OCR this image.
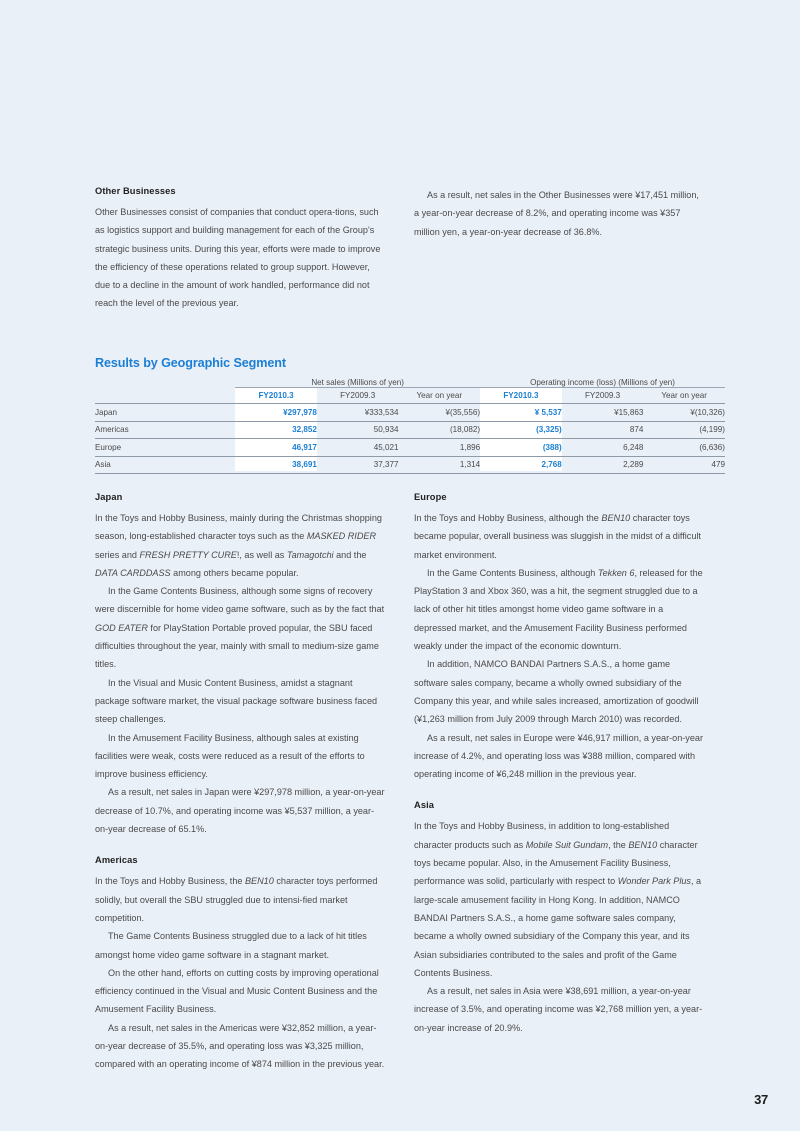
Other Businesses

Other Businesses consist of companies that conduct opera-tions, such as logistics support and building management for each of the Group's strategic business units. During this year, efforts were made to improve the efficiency of these operations related to group support. However, due to a decline in the amount of work handled, performance did not reach the level of the previous year.

As a result, net sales in the Other Businesses were ¥17,451 million, a year-on-year decrease of 8.2%, and operating income was ¥357 million yen, a year-on-year decrease of 36.8%.

Results by Geographic Segment
	Net sales (Millions of yen)			Operating income (loss) (Millions of yen)		
	FY2010.3	FY2009.3	Year on year	FY2010.3	FY2009.3	Year on year
Japan	¥297,978	¥333,534	¥(35,556)	¥ 5,537	¥15,863	¥(10,326)
Americas	32,852	50,934	(18,082)	(3,325)	874	(4,199)
Europe	46,917	45,021	1,896	(388)	6,248	(6,636)
Asia	38,691	37,377	1,314	2,768	2,289	479
Japan

In the Toys and Hobby Business, mainly during the Christmas shopping season, long-established character toys such as the MASKED RIDER series and FRESH PRETTY CURE!, as well as Tamagotchi and the DATA CARDDASS among others became popular.

In the Game Contents Business, although some signs of recovery were discernible for home video game software, such as by the fact that GOD EATER for PlayStation Portable proved popular, the SBU faced difficulties throughout the year, mainly with small to medium-size game titles.

In the Visual and Music Content Business, amidst a stagnant package software market, the visual package software business faced steep challenges.

In the Amusement Facility Business, although sales at existing facilities were weak, costs were reduced as a result of the efforts to improve business efficiency.

As a result, net sales in Japan were ¥297,978 million, a year-on-year decrease of 10.7%, and operating income was ¥5,537 million, a year-on-year decrease of 65.1%.

Americas

In the Toys and Hobby Business, the BEN10 character toys performed solidly, but overall the SBU struggled due to intensi-fied market competition.

The Game Contents Business struggled due to a lack of hit titles amongst home video game software in a stagnant market.

On the other hand, efforts on cutting costs by improving operational efficiency continued in the Visual and Music Content Business and the Amusement Facility Business.

As a result, net sales in the Americas were ¥32,852 million, a year-on-year decrease of 35.5%, and operating loss was ¥3,325 million, compared with an operating income of ¥874 million in the previous year.

Europe

In the Toys and Hobby Business, although the BEN10 character toys became popular, overall business was sluggish in the midst of a difficult market environment.

In the Game Contents Business, although Tekken 6, released for the PlayStation 3 and Xbox 360, was a hit, the segment struggled due to a lack of other hit titles amongst home video game software in a depressed market, and the Amusement Facility Business performed weakly under the impact of the economic downturn.

In addition, NAMCO BANDAI Partners S.A.S., a home game software sales company, became a wholly owned subsidiary of the Company this year, and while sales increased, amortization of goodwill (¥1,263 million from July 2009 through March 2010) was recorded.

As a result, net sales in Europe were ¥46,917 million, a year-on-year increase of 4.2%, and operating loss was ¥388 million, compared with operating income of ¥6,248 million in the previous year.

Asia

In the Toys and Hobby Business, in addition to long-established character products such as Mobile Suit Gundam, the BEN10 character toys became popular. Also, in the Amusement Facility Business, performance was solid, particularly with respect to Wonder Park Plus, a large-scale amusement facility in Hong Kong. In addition, NAMCO BANDAI Partners S.A.S., a home game software sales company, became a wholly owned subsidiary of the Company this year, and its Asian subsidiaries contributed to the sales and profit of the Game Contents Business.

As a result, net sales in Asia were ¥38,691 million, a year-on-year increase of 3.5%, and operating income was ¥2,768 million yen, a year-on-year increase of 20.9%.

37
